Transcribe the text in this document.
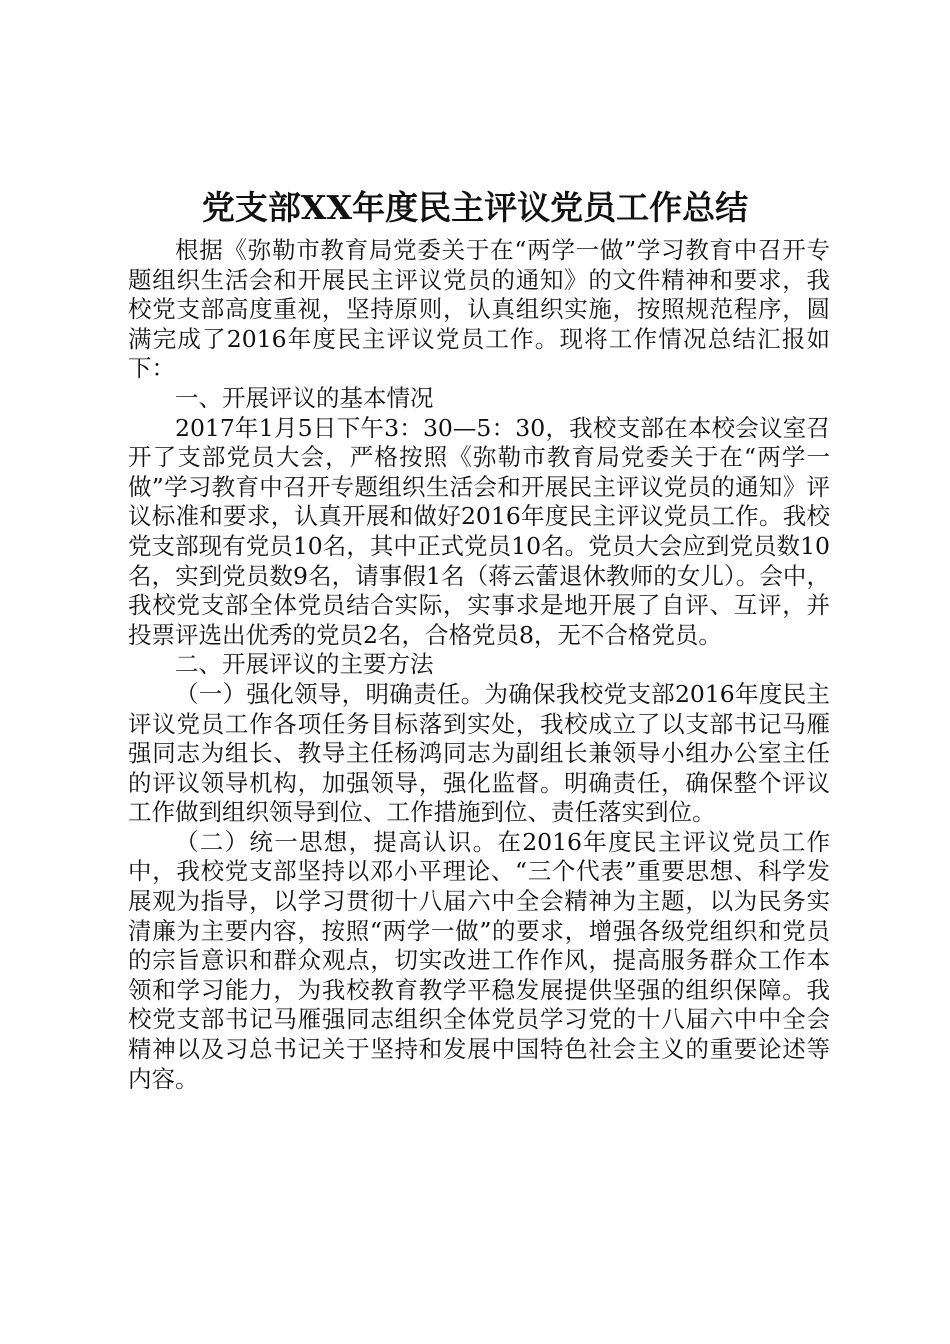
党支部XX年度民主评议党员工作总结

根据《弥勒市教育局党委关于在“两学一做”学习教育中召开专题组织生活会和开展民主评议党员的通知》的文件精神和要求，我校党支部高度重视，坚持原则，认真组织实施，按照规范程序，圆满完成了2016年度民主评议党员工作。现将工作情况总结汇报如下：

一、开展评议的基本情况

2017年1月5日下午3：30—5：30，我校支部在本校会议室召开了支部党员大会，严格按照《弥勒市教育局党委关于在“两学一做”学习教育中召开专题组织生活会和开展民主评议党员的通知》评议标准和要求，认真开展和做好2016年度民主评议党员工作。我校党支部现有党员10名，其中正式党员10名。党员大会应到党员数10名，实到党员数9名，请事假1名（蒋云蕾退休教师的女儿）。会中，我校党支部全体党员结合实际，实事求是地开展了自评、互评，并投票评选出优秀的党员2名，合格党员8，无不合格党员。

二、开展评议的主要方法

（一）强化领导，明确责任。为确保我校党支部2016年度民主评议党员工作各项任务目标落到实处，我校成立了以支部书记马雁强同志为组长、教导主任杨鸿同志为副组长兼领导小组办公室主任的评议领导机构，加强领导，强化监督。明确责任，确保整个评议工作做到组织领导到位、工作措施到位、责任落实到位。

（二）统一思想，提高认识。在2016年度民主评议党员工作中，我校党支部坚持以邓小平理论、“三个代表”重要思想、科学发展观为指导，以学习贯彻十八届六中全会精神为主题，以为民务实清廉为主要内容，按照“两学一做”的要求，增强各级党组织和党员的宗旨意识和群众观点，切实改进工作作风，提高服务群众工作本领和学习能力，为我校教育教学平稳发展提供坚强的组织保障。我校党支部书记马雁强同志组织全体党员学习党的十八届六中中全会精神以及习总书记关于坚持和发展中国特色社会主义的重要论述等内容。
